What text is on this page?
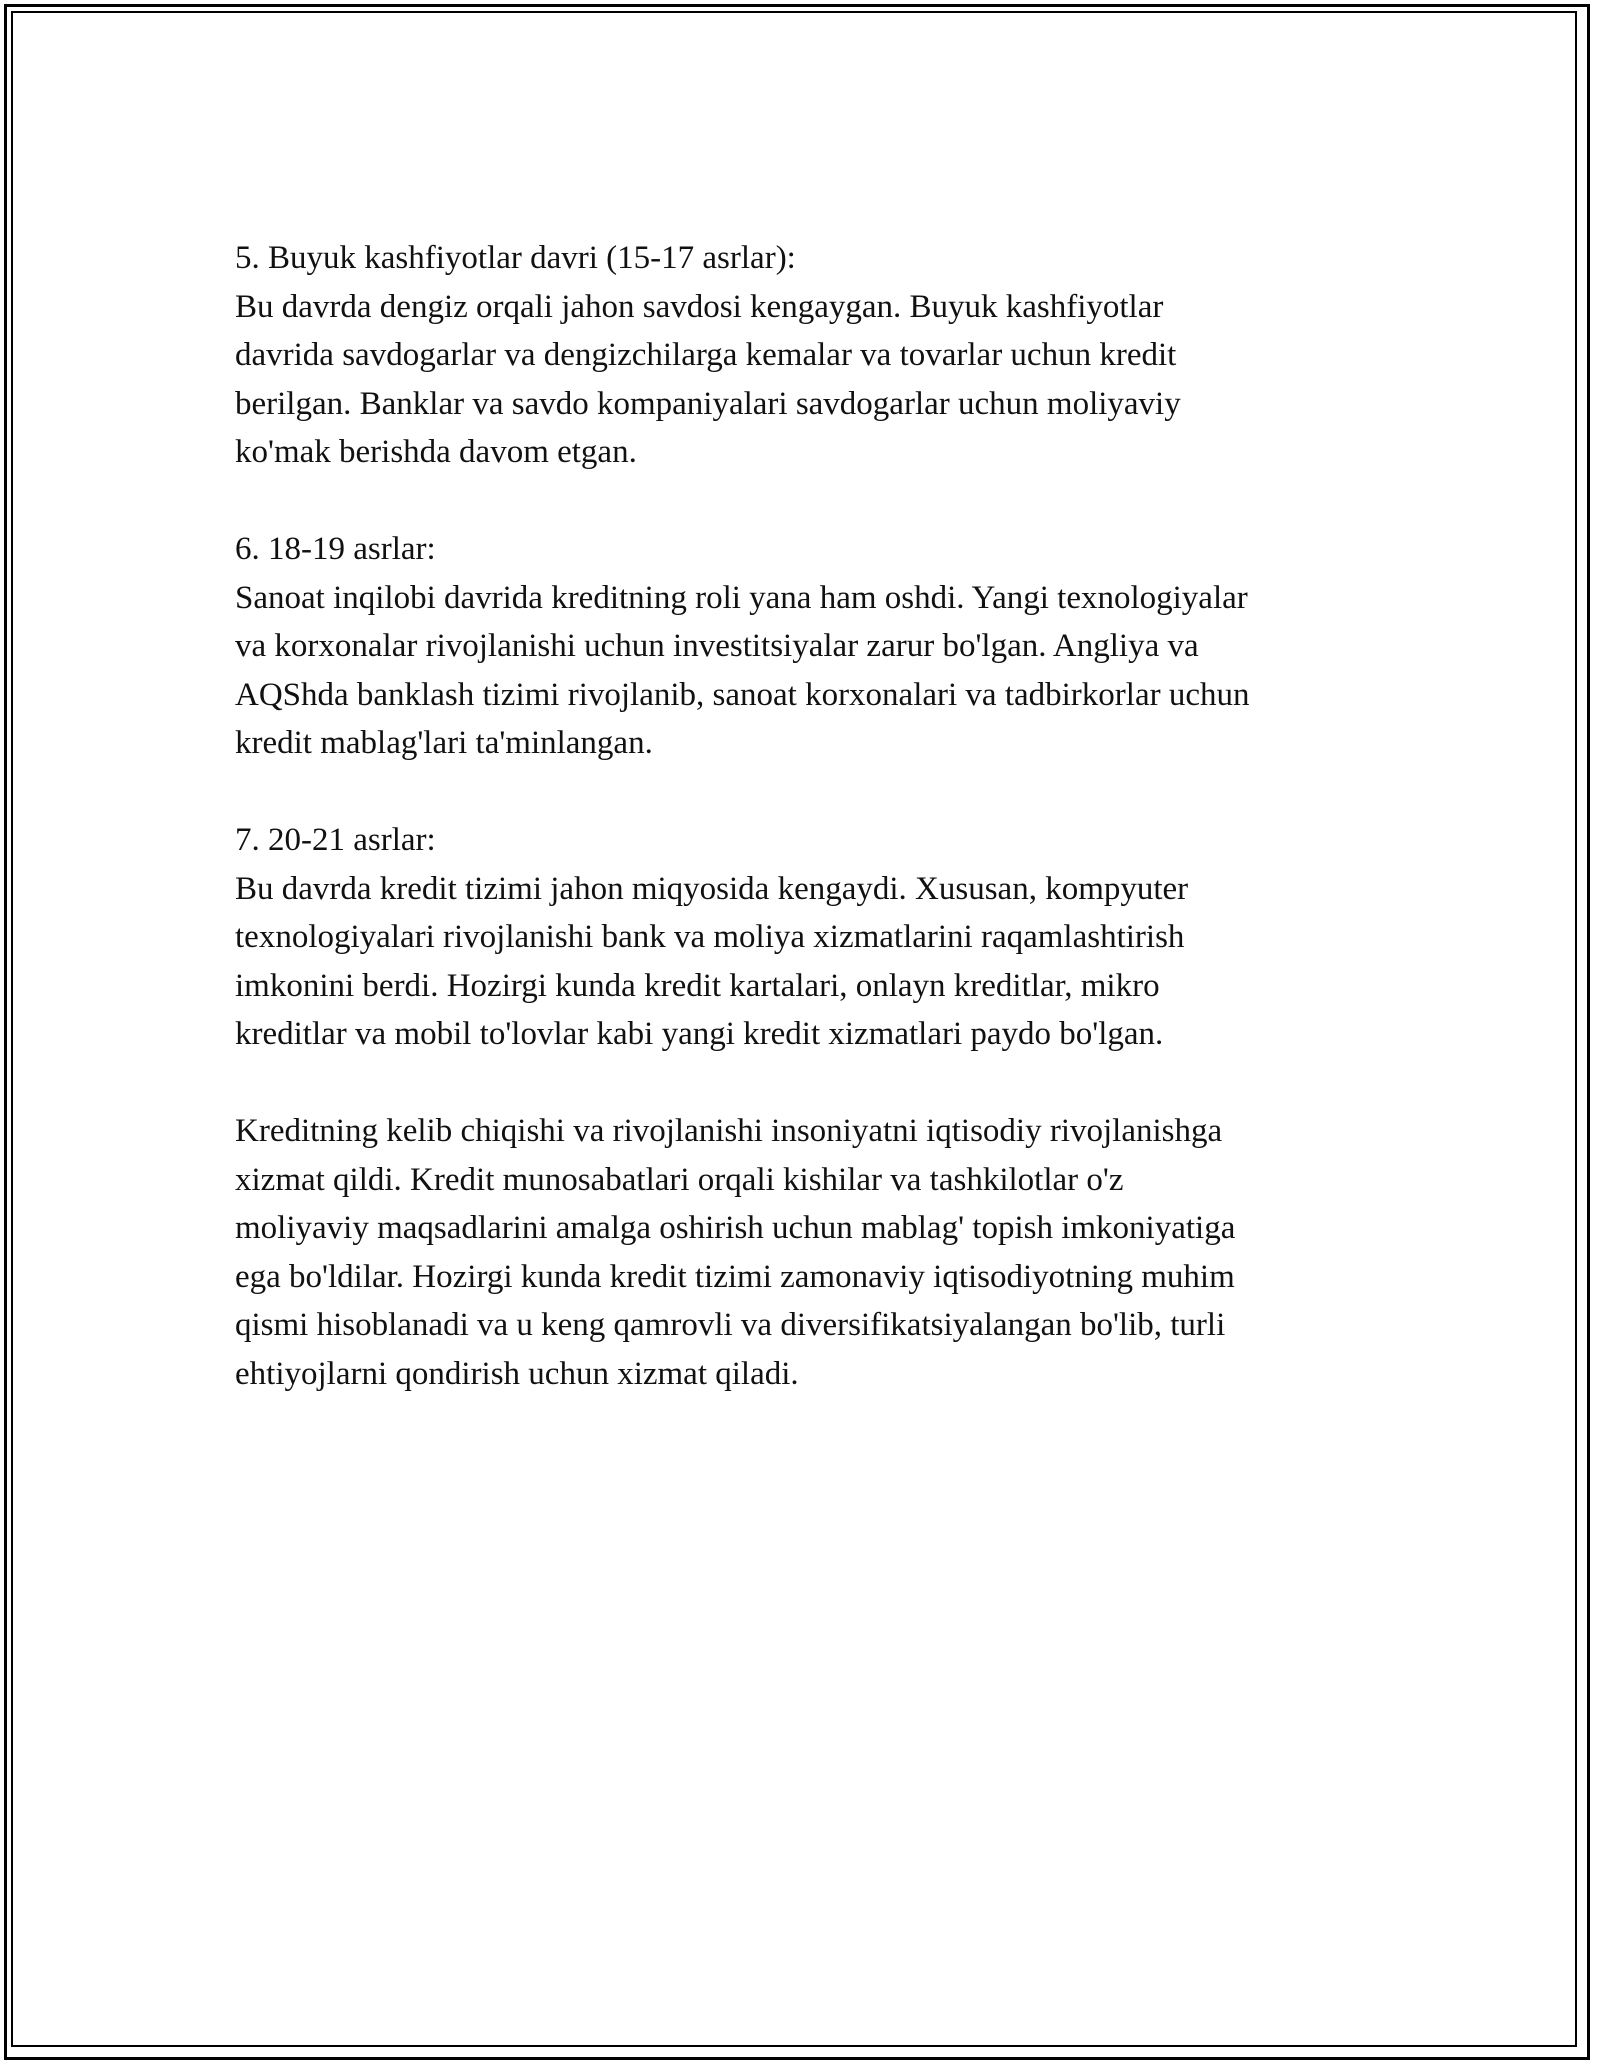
5. Buyuk kashfiyotlar davri (15-17 asrlar):

Bu davrda dengiz orqali jahon savdosi kengaygan. Buyuk kashfiyotlar
davrida savdogarlar va dengizchilarga kemalar va tovarlar uchun kredit
berilgan. Banklar va savdo kompaniyalari savdogarlar uchun moliyaviy
ko'mak berishda davom etgan.

6. 18-19 asrlar:

Sanoat inqilobi davrida kreditning roli yana ham oshdi. Yangi texnologiyalar
va korxonalar rivojlanishi uchun investitsiyalar zarur bo'lgan. Angliya va
AQShda banklash tizimi rivojlanib, sanoat korxonalari va tadbirkorlar uchun
kredit mablag'lari ta'minlangan.

7. 20-21 asrlar:

Bu davrda kredit tizimi jahon miqyosida kengaydi. Xususan, kompyuter
texnologiyalari rivojlanishi bank va moliya xizmatlarini raqamlashtirish
imkonini berdi. Hozirgi kunda kredit kartalari, onlayn kreditlar, mikro
kreditlar va mobil to'lovlar kabi yangi kredit xizmatlari paydo bo'lgan.

Kreditning kelib chiqishi va rivojlanishi insoniyatni iqtisodiy rivojlanishga
xizmat qildi. Kredit munosabatlari orqali kishilar va tashkilotlar o'z
moliyaviy maqsadlarini amalga oshirish uchun mablag' topish imkoniyatiga
ega bo'ldilar. Hozirgi kunda kredit tizimi zamonaviy iqtisodiyotning muhim
qismi hisoblanadi va u keng qamrovli va diversifikatsiyalangan bo'lib, turli
ehtiyojlarni qondirish uchun xizmat qiladi.
